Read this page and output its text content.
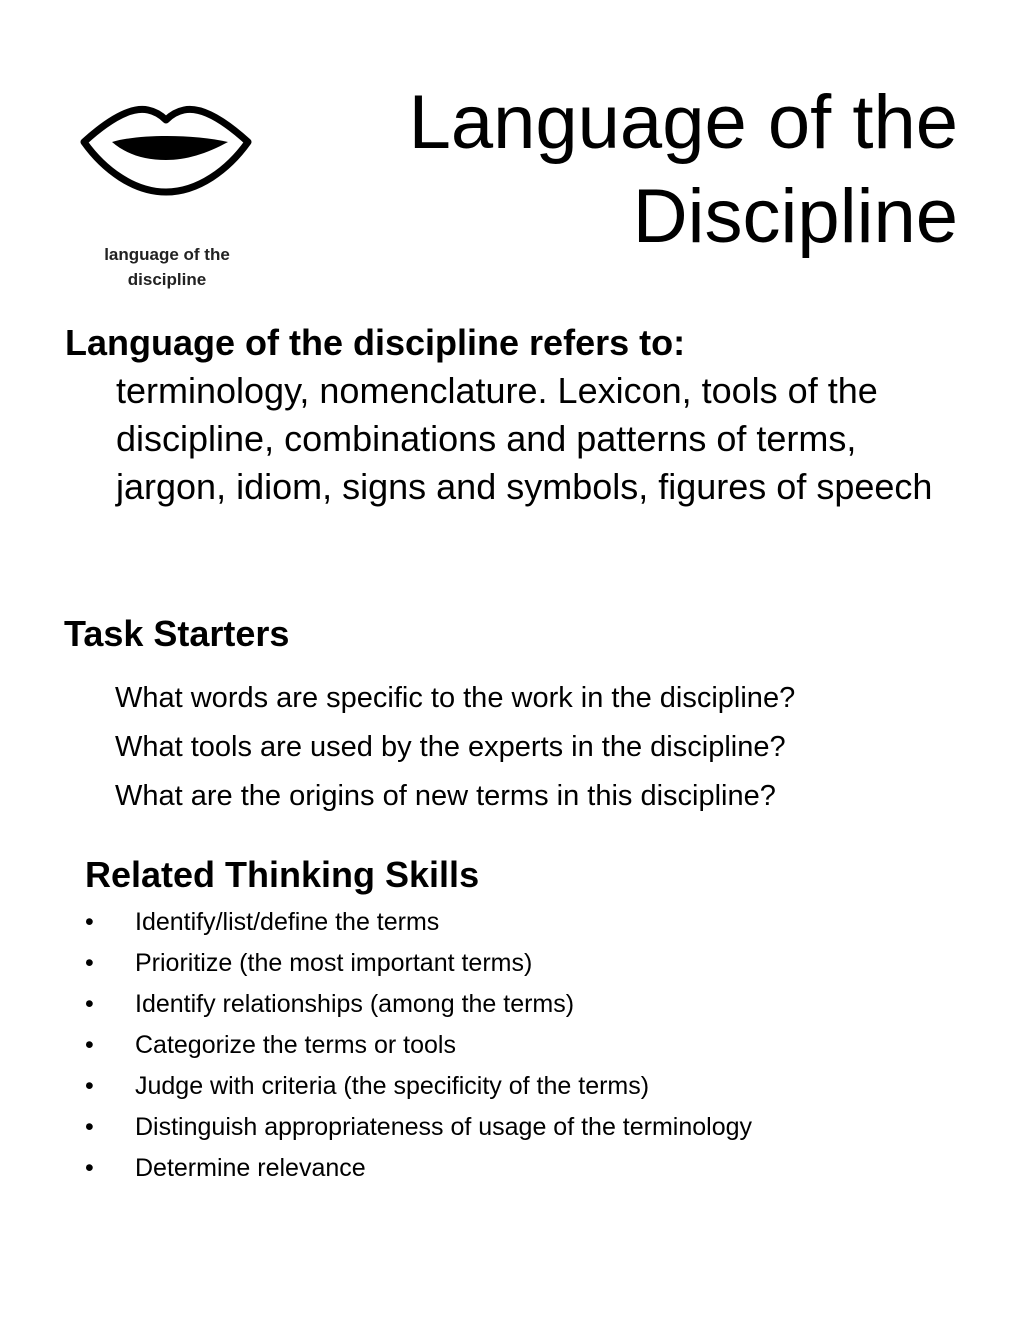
language of the
discipline
Language of the
Discipline
Language of the discipline refers to:
terminology, nomenclature. Lexicon, tools of the discipline, combinations and patterns of terms, jargon, idiom, signs and symbols, figures of speech
Task Starters
What words are specific to the work in the discipline?
What tools are used by the experts in the discipline?
What are the origins of new terms in this discipline?
Related Thinking Skills
•	Identify/list/define the terms
•	Prioritize (the most important terms)
•	Identify relationships (among the terms)
•	Categorize the terms or tools
•	Judge with criteria (the specificity of the terms)
•	Distinguish appropriateness of usage of the terminology
•	Determine relevance
